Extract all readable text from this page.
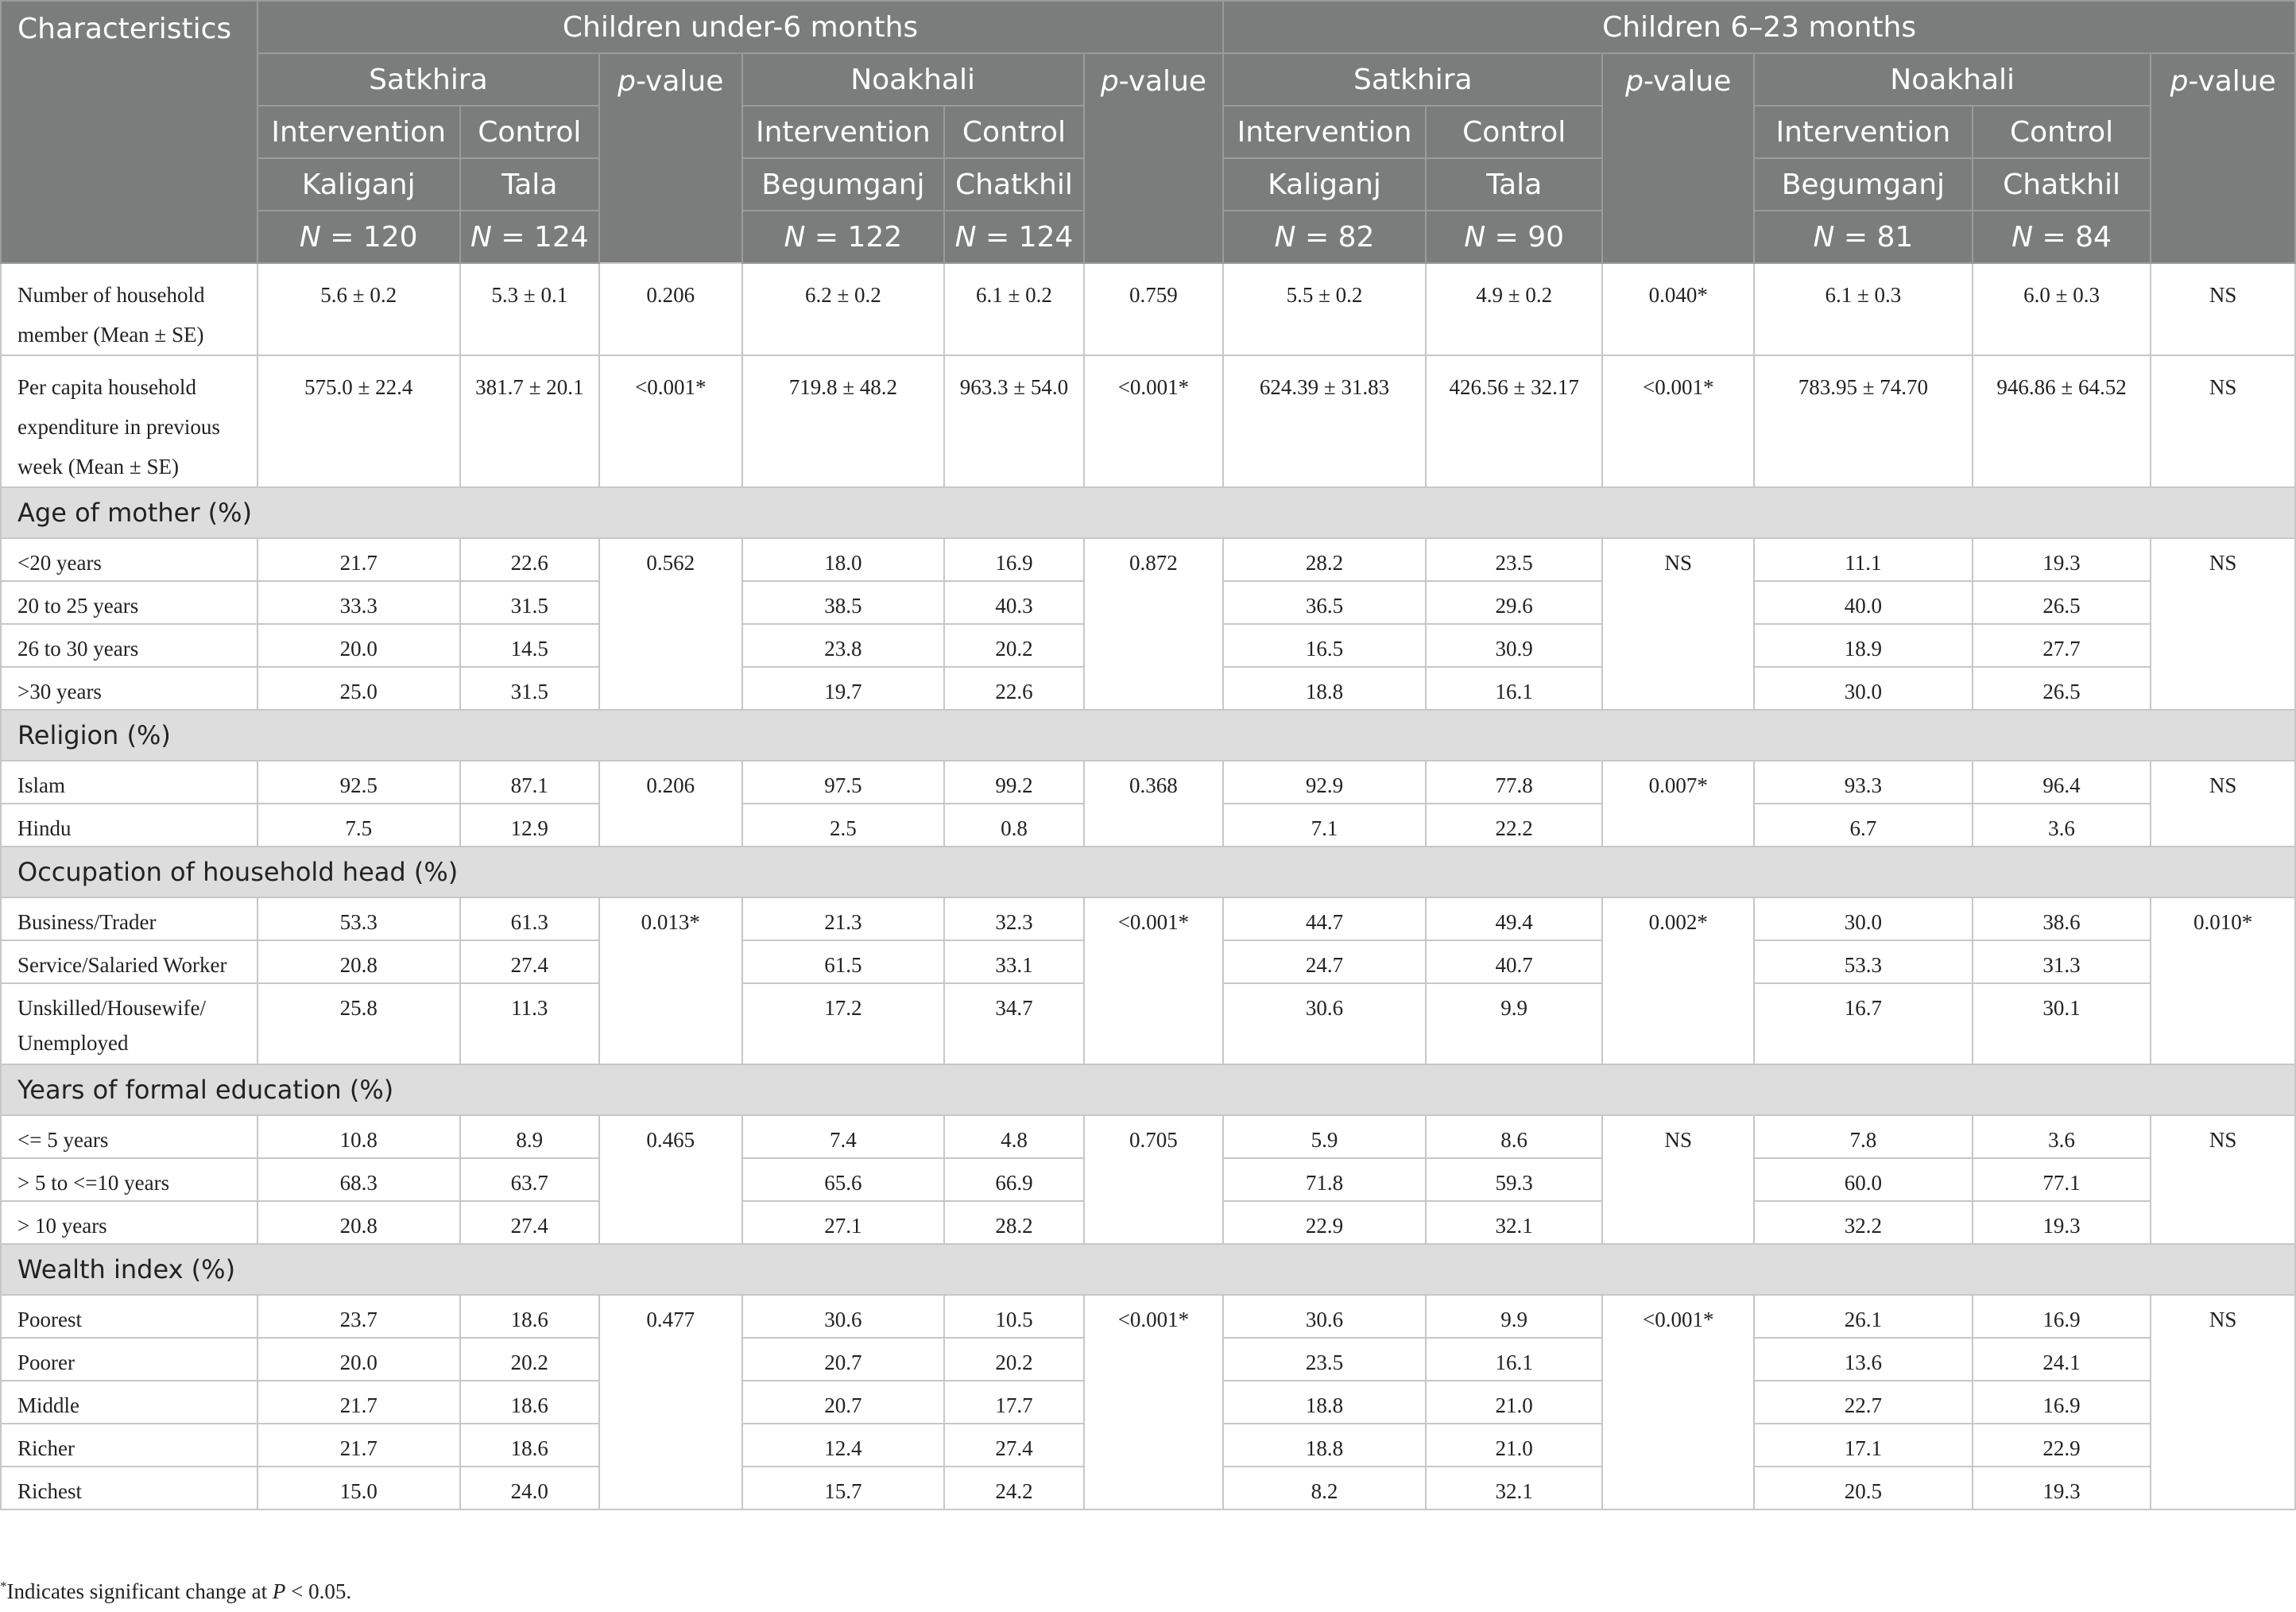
Characteristics	Children under-6 months						Children 6–23 months					
	Satkhira		p-value	Noakhali		p-value	Satkhira		p-value	Noakhali		p-value
	Intervention	Control		Intervention	Control		Intervention	Control		Intervention	Control	
	Kaliganj	Tala		Begumganj	Chatkhil		Kaliganj	Tala		Begumganj	Chatkhil	
	N = 120	N = 124		N = 122	N = 124		N = 82	N = 90		N = 81	N = 84	
Number of household member (Mean ± SE)	5.6 ± 0.2	5.3 ± 0.1	0.206	6.2 ± 0.2	6.1 ± 0.2	0.759	5.5 ± 0.2	4.9 ± 0.2	0.040*	6.1 ± 0.3	6.0 ± 0.3	NS
Per capita household expenditure in previous week (Mean ± SE)	575.0 ± 22.4	381.7 ± 20.1	<0.001*	719.8 ± 48.2	963.3 ± 54.0	<0.001*	624.39 ± 31.83	426.56 ± 32.17	<0.001*	783.95 ± 74.70	946.86 ± 64.52	NS
Age of mother (%)												
<20 years	21.7	22.6	0.562	18.0	16.9	0.872	28.2	23.5	NS	11.1	19.3	NS
20 to 25 years	33.3	31.5		38.5	40.3		36.5	29.6		40.0	26.5	
26 to 30 years	20.0	14.5		23.8	20.2		16.5	30.9		18.9	27.7	
>30 years	25.0	31.5		19.7	22.6		18.8	16.1		30.0	26.5	
Religion (%)												
Islam	92.5	87.1	0.206	97.5	99.2	0.368	92.9	77.8	0.007*	93.3	96.4	NS
Hindu	7.5	12.9		2.5	0.8		7.1	22.2		6.7	3.6	
Occupation of household head (%)												
Business/Trader	53.3	61.3	0.013*	21.3	32.3	<0.001*	44.7	49.4	0.002*	30.0	38.6	0.010*
Service/Salaried Worker	20.8	27.4		61.5	33.1		24.7	40.7		53.3	31.3	
Unskilled/Housewife/ Unemployed	25.8	11.3		17.2	34.7		30.6	9.9		16.7	30.1	
Years of formal education (%)												
<= 5 years	10.8	8.9	0.465	7.4	4.8	0.705	5.9	8.6	NS	7.8	3.6	NS
> 5 to <=10 years	68.3	63.7		65.6	66.9		71.8	59.3		60.0	77.1	
> 10 years	20.8	27.4		27.1	28.2		22.9	32.1		32.2	19.3	
Wealth index (%)												
Poorest	23.7	18.6	0.477	30.6	10.5	<0.001*	30.6	9.9	<0.001*	26.1	16.9	NS
Poorer	20.0	20.2		20.7	20.2		23.5	16.1		13.6	24.1	
Middle	21.7	18.6		20.7	17.7		18.8	21.0		22.7	16.9	
Richer	21.7	18.6		12.4	27.4		18.8	21.0		17.1	22.9	
Richest	15.0	24.0		15.7	24.2		8.2	32.1		20.5	19.3	
*Indicates significant change at P < 0.05.
